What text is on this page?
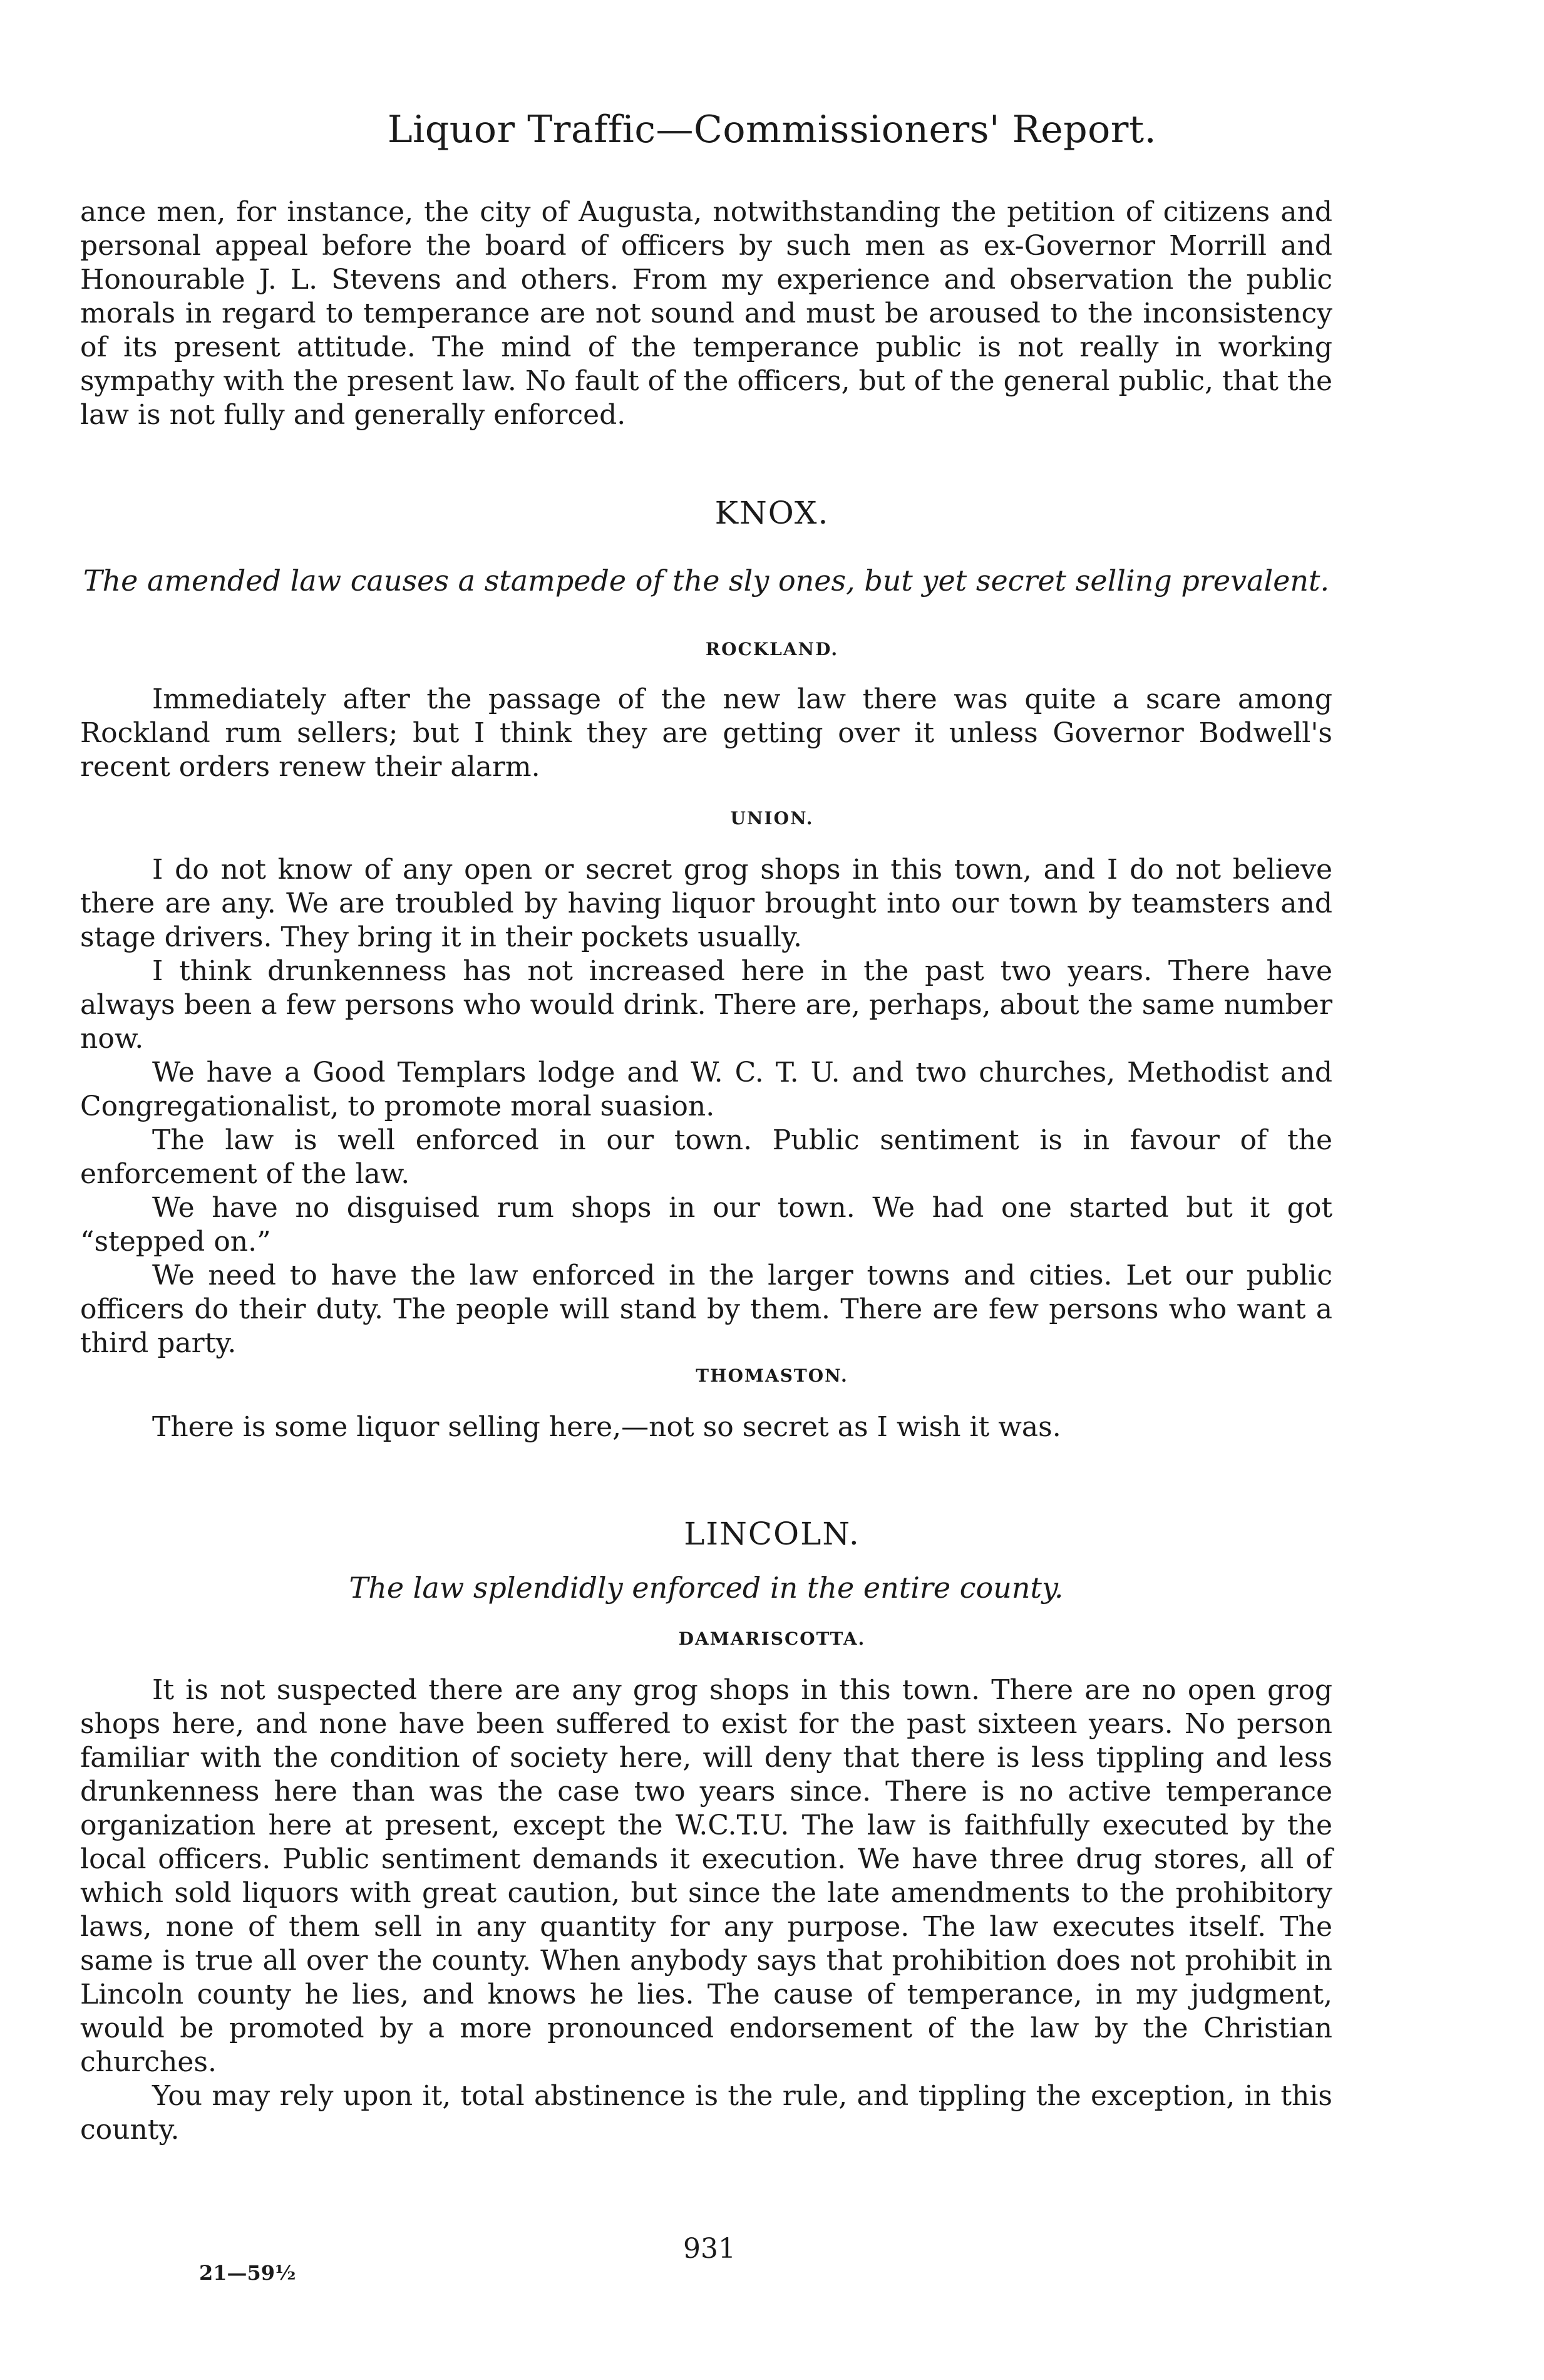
Liquor Traffic—Commissioners' Report.

ance men, for instance, the city of Augusta, notwithstanding the petition of citizens and personal appeal before the board of officers by such men as ex-Governor Morrill and Honourable J. L. Stevens and others. From my experience and observation the public morals in regard to temperance are not sound and must be aroused to the inconsistency of its present attitude. The mind of the temperance public is not really in working sympathy with the present law. No fault of the officers, but of the general public, that the law is not fully and generally enforced.

KNOX.
The amended law causes a stampede of the sly ones, but yet secret selling prevalent.
ROCKLAND.

Immediately after the passage of the new law there was quite a scare among Rockland rum sellers; but I think they are getting over it unless Governor Bodwell's recent orders renew their alarm.

UNION.

I do not know of any open or secret grog shops in this town, and I do not believe there are any. We are troubled by having liquor brought into our town by teamsters and stage drivers. They bring it in their pockets usually.

I think drunkenness has not increased here in the past two years. There have always been a few persons who would drink. There are, perhaps, about the same number now.

We have a Good Templars lodge and W. C. T. U. and two churches, Methodist and Congregationalist, to promote moral suasion.

The law is well enforced in our town. Public sentiment is in favour of the enforcement of the law.

We have no disguised rum shops in our town. We had one started but it got “stepped on.”

We need to have the law enforced in the larger towns and cities. Let our public officers do their duty. The people will stand by them. There are few persons who want a third party.

THOMASTON.

There is some liquor selling here,—not so secret as I wish it was.

LINCOLN.
The law splendidly enforced in the entire county.
DAMARISCOTTA.

It is not suspected there are any grog shops in this town. There are no open grog shops here, and none have been suffered to exist for the past sixteen years. No person familiar with the condition of society here, will deny that there is less tippling and less drunkenness here than was the case two years since. There is no active temperance organization here at present, except the W.C.T.U. The law is faithfully executed by the local officers. Public sentiment demands it execution. We have three drug stores, all of which sold liquors with great caution, but since the late amendments to the prohibitory laws, none of them sell in any quantity for any purpose. The law executes itself. The same is true all over the county. When anybody says that prohibition does not prohibit in Lincoln county he lies, and knows he lies. The cause of temperance, in my judgment, would be promoted by a more pronounced endorsement of the law by the Christian churches.

You may rely upon it, total abstinence is the rule, and tippling the exception, in this county.

931
21—59½
